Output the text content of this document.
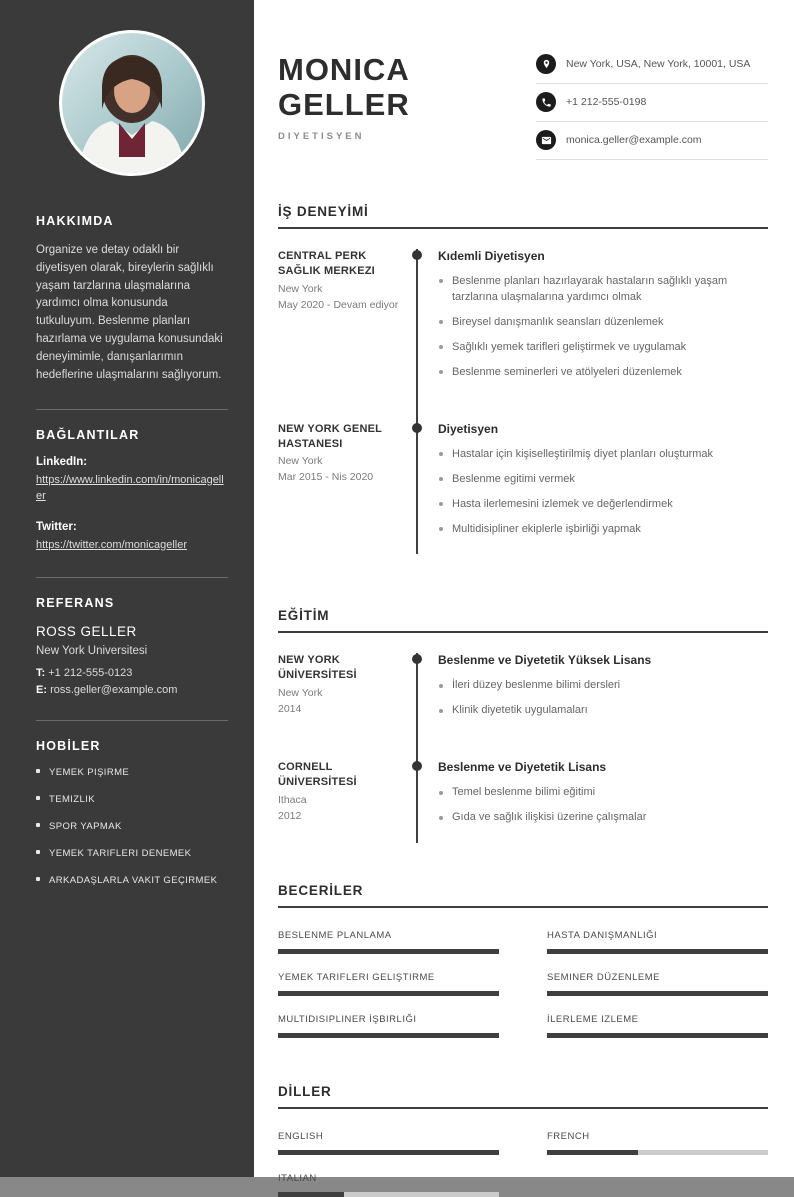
HAKKIMDA

Organize ve detay odaklı bir diyetisyen olarak, bireylerin sağlıklı yaşam tarzlarına ulaşmalarına yardımcı olma konusunda tutkuluyum. Beslenme planları hazırlama ve uygulama konusundaki deneyimimle, danışanlarımın hedeflerine ulaşmalarını sağlıyorum.

BAĞLANTILAR
LinkedIn:
https://www.linkedin.com/in/monicageller
Twitter:
https://twitter.com/monicageller
REFERANS
ROSS GELLER
New York Universitesi
T: +1 212-555-0123
E: ross.geller@example.com
HOBİLER
YEMEK PIŞIRME
TEMIZLIK
SPOR YAPMAK
YEMEK TARIFLERI DENEMEK
ARKADAŞLARLA VAKIT GEÇIRMEK
MONICA
GELLER
DIYETISYEN
New York, USA, New York, 10001, USA
+1 212-555-0198
monica.geller@example.com
İŞ DENEYİMİ
CENTRAL PERK SAĞLIK MERKEZI
New York
May 2020 - Devam ediyor
Kıdemli Diyetisyen
Beslenme planları hazırlayarak hastaların sağlıklı yaşam tarzlarına ulaşmalarına yardımcı olmak
Bireysel danışmanlık seansları düzenlemek
Sağlıklı yemek tarifleri geliştirmek ve uygulamak
Beslenme seminerleri ve atölyeleri düzenlemek
NEW YORK GENEL HASTANESI
New York
Mar 2015 - Nis 2020
Diyetisyen
Hastalar için kişiselleştirilmiş diyet planları oluşturmak
Beslenme egitimi vermek
Hasta ilerlemesini izlemek ve değerlendirmek
Multidisipliner ekiplerle işbirliği yapmak
EĞİTİM
NEW YORK ÜNİVERSİTESİ
New York
2014
Beslenme ve Diyetetik Yüksek Lisans
İleri düzey beslenme bilimi dersleri
Klinik diyetetik uygulamaları
CORNELL ÜNİVERSİTESİ
Ithaca
2012
Beslenme ve Diyetetik Lisans
Temel beslenme bilimi eğitimi
Gıda ve sağlık ilişkisi üzerine çalışmalar
BECERİLER
BESLENME PLANLAMA	HASTA DANIŞMANLIĞI
YEMEK TARIFLERI GELIŞTIRME	SEMINER DÜZENLEME
MULTIDISIPLINER İŞBIRLIĞI	İLERLEME IZLEME
DİLLER
ENGLISH	FRENCH
ITALIAN
